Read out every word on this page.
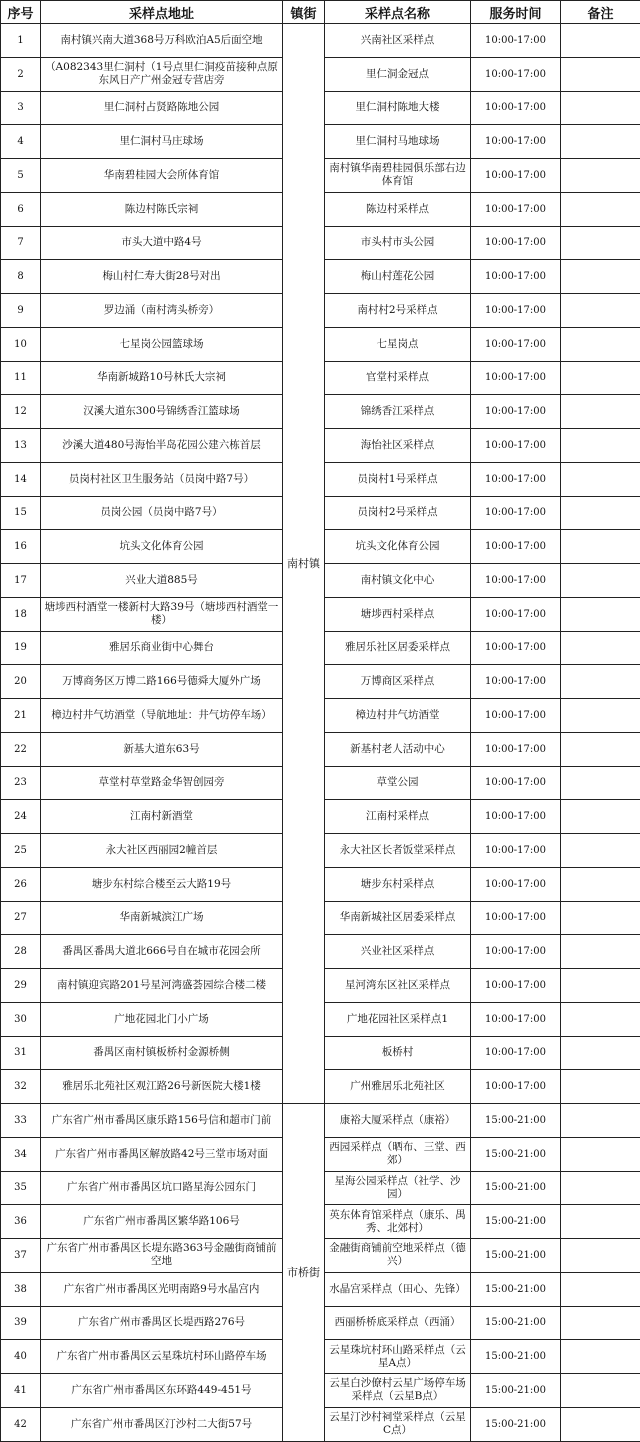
序号	采样点地址	镇街	采样点名称	服务时间	备注
1	南村镇兴南大道368号万科欧泊A5后面空地	南村镇	兴南社区采样点	10:00-17:00	
2	（A082343里仁洞村（1号点里仁洞疫苗接种点原东风日产广州金冠专营店旁		里仁洞金冠点	10:00-17:00	
3	里仁洞村占贤路陈地公园		里仁洞村陈地大楼	10:00-17:00	
4	里仁洞村马庄球场		里仁洞村马地球场	10:00-17:00	
5	华南碧桂园大会所体育馆		南村镇华南碧桂园俱乐部右边体育馆	10:00-17:00	
6	陈边村陈氏宗祠		陈边村采样点	10:00-17:00	
7	市头大道中路4号		市头村市头公园	10:00-17:00	
8	梅山村仁寿大街28号对出		梅山村莲花公园	10:00-17:00	
9	罗边涌（南村湾头桥旁）		南村村2号采样点	10:00-17:00	
10	七星岗公园篮球场		七星岗点	10:00-17:00	
11	华南新城路10号林氏大宗祠		官堂村采样点	10:00-17:00	
12	汉溪大道东300号锦绣香江篮球场		锦绣香江采样点	10:00-17:00	
13	沙溪大道480号海怡半岛花园公建六栋首层		海怡社区采样点	10:00-17:00	
14	员岗村社区卫生服务站（员岗中路7号）		员岗村1号采样点	10:00-17:00	
15	员岗公园（员岗中路7号）		员岗村2号采样点	10:00-17:00	
16	坑头文化体育公园		坑头文化体育公园	10:00-17:00	
17	兴业大道885号		南村镇文化中心	10:00-17:00	
18	塘埗西村酒堂一楼新村大路39号（塘埗西村酒堂一楼）		塘埗西村采样点	10:00-17:00	
19	雅居乐商业街中心舞台		雅居乐社区居委采样点	10:00-17:00	
20	万博商务区万博二路166号德舜大厦外广场		万博商区采样点	10:00-17:00	
21	樟边村井气坊酒堂（导航地址：井气坊停车场）		樟边村井气坊酒堂	10:00-17:00	
22	新基大道东63号		新基村老人活动中心	10:00-17:00	
23	草堂村草堂路金华智创园旁		草堂公园	10:00-17:00	
24	江南村新酒堂		江南村采样点	10:00-17:00	
25	永大社区西丽园2幢首层		永大社区长者饭堂采样点	10:00-17:00	
26	塘步东村综合楼至云大路19号		塘步东村采样点	10:00-17:00	
27	华南新城滨江广场		华南新城社区居委采样点	10:00-17:00	
28	番禺区番禺大道北666号自在城市花园会所		兴业社区采样点	10:00-17:00	
29	南村镇迎宾路201号星河湾盛荟园综合楼二楼		星河湾东区社区采样点	10:00-17:00	
30	广地花园北门小广场		广地花园社区采样点1	10:00-17:00	
31	番禺区南村镇板桥村金源桥侧		板桥村	10:00-17:00	
32	雅居乐北苑社区观江路26号新医院大楼1楼		广州雅居乐北苑社区	10:00-17:00	
33	广东省广州市番禺区康乐路156号信和超市门前	市桥街	康裕大厦采样点（康裕）	15:00-21:00	
34	广东省广州市番禺区解放路42号三堂市场对面		西园采样点（晒布、三堂、西郊）	15:00-21:00	
35	广东省广州市番禺区坑口路星海公园东门		星海公园采样点（社学、沙园）	15:00-21:00	
36	广东省广州市番禺区繁华路106号		英东体育馆采样点（康乐、禺秀、北郊村）	15:00-21:00	
37	广东省广州市番禺区长堤东路363号金融街商铺前空地		金融街商铺前空地采样点（德兴）	15:00-21:00	
38	广东省广州市番禺区光明南路9号水晶宫内		水晶宫采样点（田心、先锋）	15:00-21:00	
39	广东省广州市番禺区长堤西路276号		西丽桥桥底采样点（西涌）	15:00-21:00	
40	广东省广州市番禺区云星珠坑村环山路停车场		云星珠坑村环山路采样点（云星A点）	15:00-21:00	
41	广东省广州市番禺区东环路449-451号		云星白沙僚村云星广场停车场采样点（云星B点）	15:00-21:00	
42	广东省广州市番禺区汀沙村二大街57号		云星汀沙村祠堂采样点（云星C点）	15:00-21:00	
